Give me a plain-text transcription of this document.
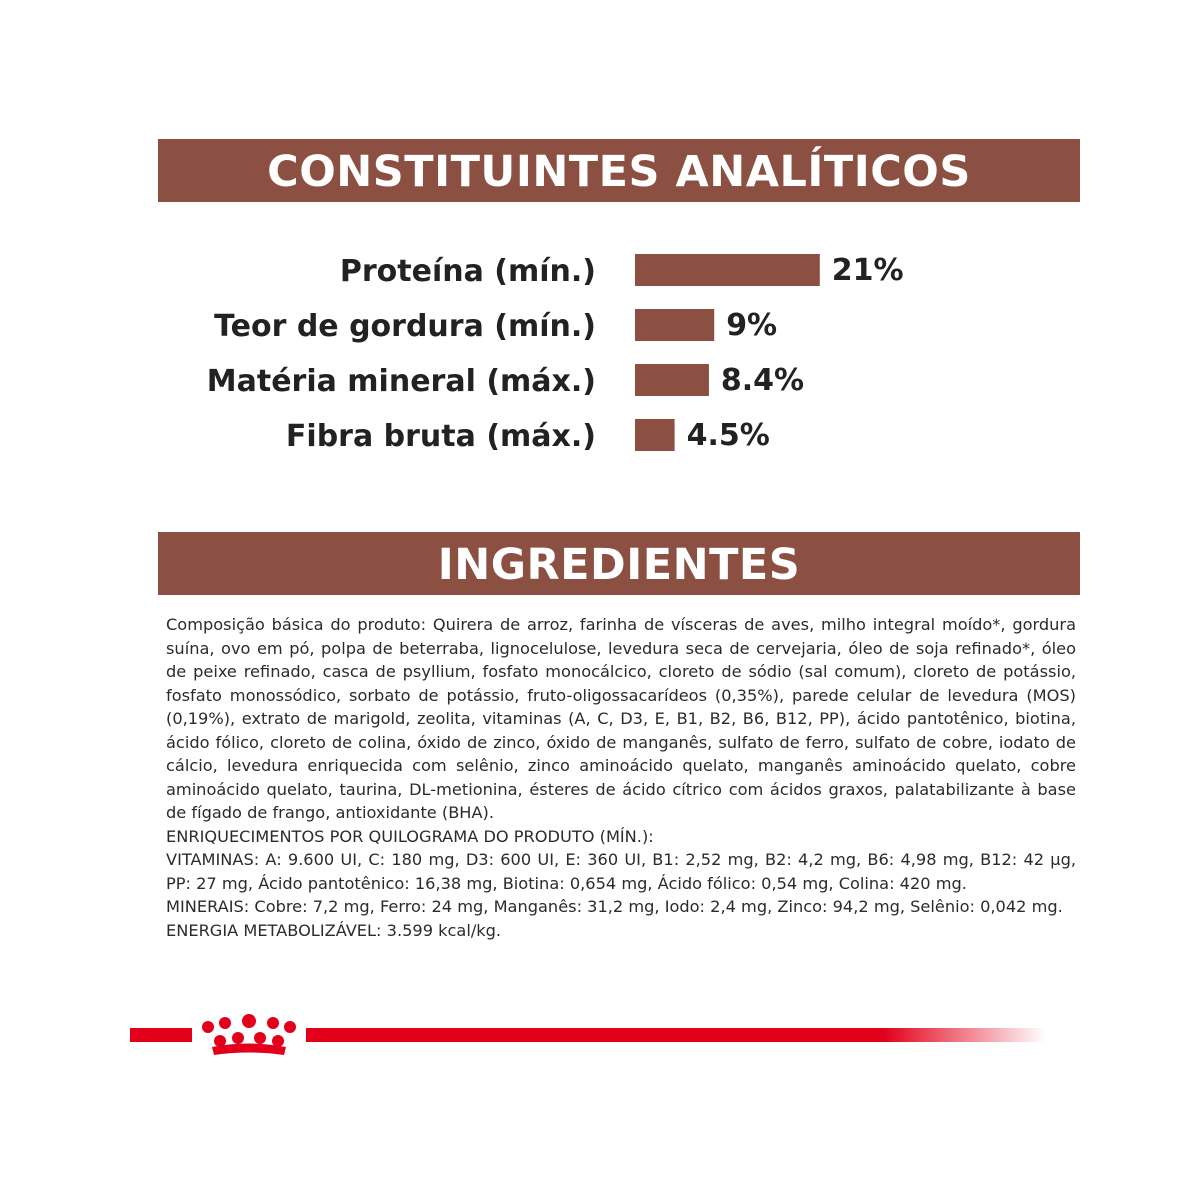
CONSTITUINTES ANALÍTICOS
Proteína (mín.)	21%
Teor de gordura (mín.)	9%
Matéria mineral (máx.)	8.4%
Fibra bruta (máx.)	4.5%
INGREDIENTES

Composição básica do produto: Quirera de arroz, farinha de vísceras de aves, milho integral moído*, gordura suína, ovo em pó, polpa de beterraba, lignocelulose, levedura seca de cervejaria, óleo de soja refinado*, óleo de peixe refinado, casca de psyllium, fosfato monocálcico, cloreto de sódio (sal comum), cloreto de potássio, fosfato monossódico, sorbato de potássio, fruto-oligossacarídeos (0,35%), parede celular de levedura (MOS) (0,19%), extrato de marigold, zeolita, vitaminas (A, C, D3, E, B1, B2, B6, B12, PP), ácido pantotênico, biotina, ácido fólico, cloreto de colina, óxido de zinco, óxido de manganês, sulfato de ferro, sulfato de cobre, iodato de cálcio, levedura enriquecida com selênio, zinco aminoácido quelato, manganês aminoácido quelato, cobre aminoácido quelato, taurina, DL-metionina, ésteres de ácido cítrico com ácidos graxos, palatabilizante à base de fígado de frango, antioxidante (BHA).

ENRIQUECIMENTOS POR QUILOGRAMA DO PRODUTO (MÍN.):

VITAMINAS: A: 9.600 UI, C: 180 mg, D3: 600 UI, E: 360 UI, B1: 2,52 mg, B2: 4,2 mg, B6: 4,98 mg, B12: 42 µg, PP: 27 mg, Ácido pantotênico: 16,38 mg, Biotina: 0,654 mg, Ácido fólico: 0,54 mg, Colina: 420 mg.

MINERAIS: Cobre: 7,2 mg, Ferro: 24 mg, Manganês: 31,2 mg, Iodo: 2,4 mg, Zinco: 94,2 mg, Selênio: 0,042 mg.

ENERGIA METABOLIZÁVEL: 3.599 kcal/kg.
